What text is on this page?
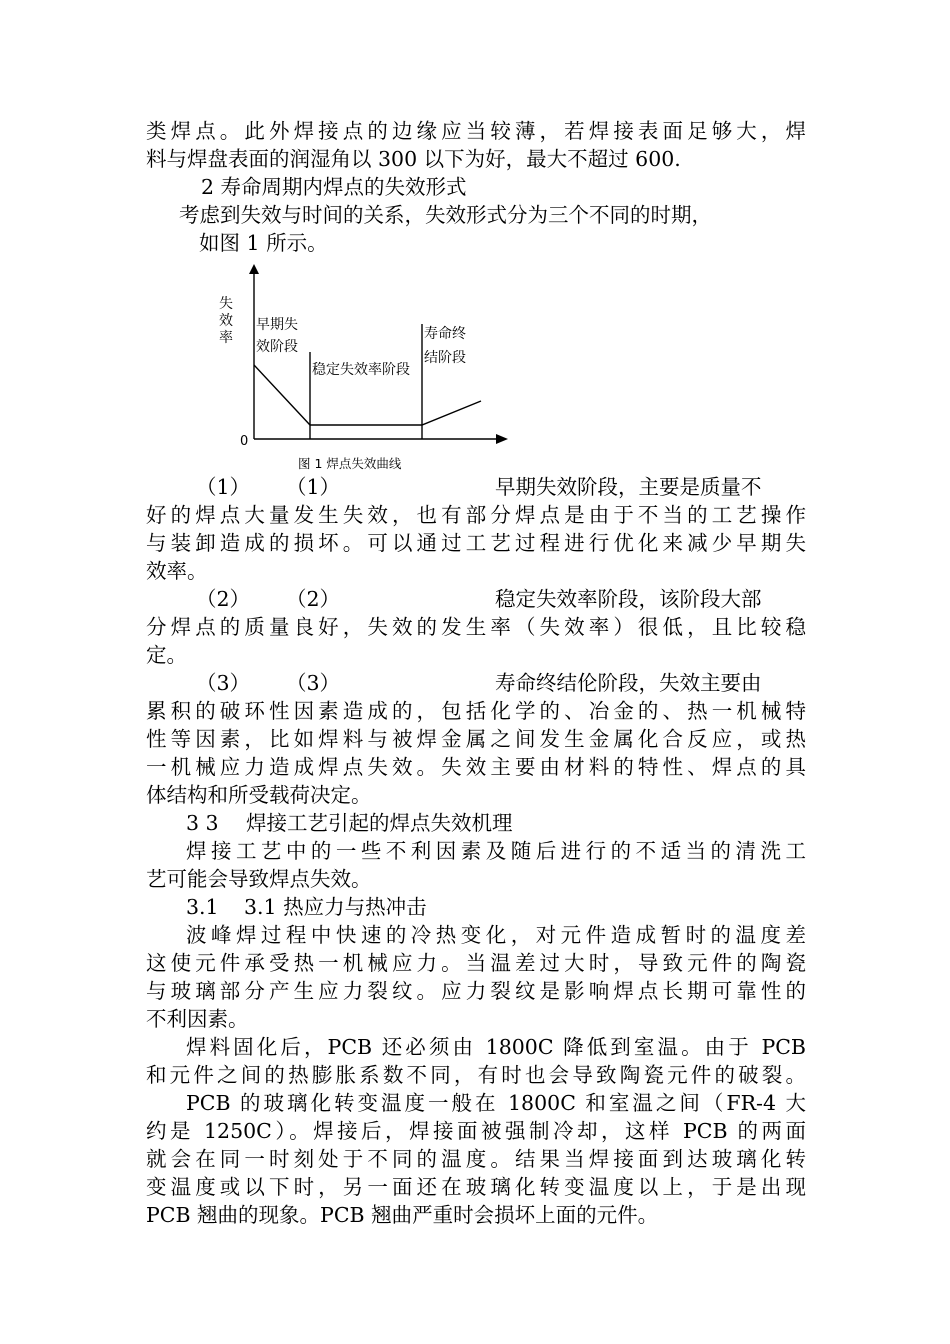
类焊点。此外焊接点的边缘应当较薄，若焊接表面足够大，焊
料与焊盘表面的润湿角以 300 以下为好，最大不超过 600.
2 寿命周期内焊点的失效形式
考虑到失效与时间的关系，失效形式分为三个不同的时期，
如图 1 所示。
失效率
0
早期失
效阶段
稳定失效率阶段
寿命终
结阶段
图 1 焊点失效曲线
（1） （1）	早期失效阶段，主要是质量不
好的焊点大量发生失效，也有部分焊点是由于不当的工艺操作
与装卸造成的损坏。可以通过工艺过程进行优化来减少早期失
效率。
（2） （2）	稳定失效率阶段，该阶段大部
分焊点的质量良好，失效的发生率（失效率）很低，且比较稳
定。
（3） （3）	寿命终结伦阶段，失效主要由
累积的破环性因素造成的，包括化学的、冶金的、热一机械特
性等因素，比如焊料与被焊金属之间发生金属化合反应，或热
一机械应力造成焊点失效。失效主要由材料的特性、焊点的具
体结构和所受载荷决定。
3 3 焊接工艺引起的焊点失效机理
焊接工艺中的一些不利因素及随后进行的不适当的清洗工
艺可能会导致焊点失效。
3.1 3.1 热应力与热冲击
波峰焊过程中快速的冷热变化，对元件造成暂时的温度差
这使元件承受热一机械应力。当温差过大时，导致元件的陶瓷
与玻璃部分产生应力裂纹。应力裂纹是影响焊点长期可靠性的
不利因素。
焊料固化后，PCB 还必须由 1800C 降低到室温。由于 PCB
和元件之间的热膨胀系数不同，有时也会导致陶瓷元件的破裂。
PCB 的玻璃化转变温度一般在 1800C 和室温之间（FR-4 大
约是 1250C）。焊接后，焊接面被强制冷却，这样 PCB 的两面
就会在同一时刻处于不同的温度。结果当焊接面到达玻璃化转
变温度或以下时，另一面还在玻璃化转变温度以上，于是出现
PCB 翘曲的现象。PCB 翘曲严重时会损坏上面的元件。
